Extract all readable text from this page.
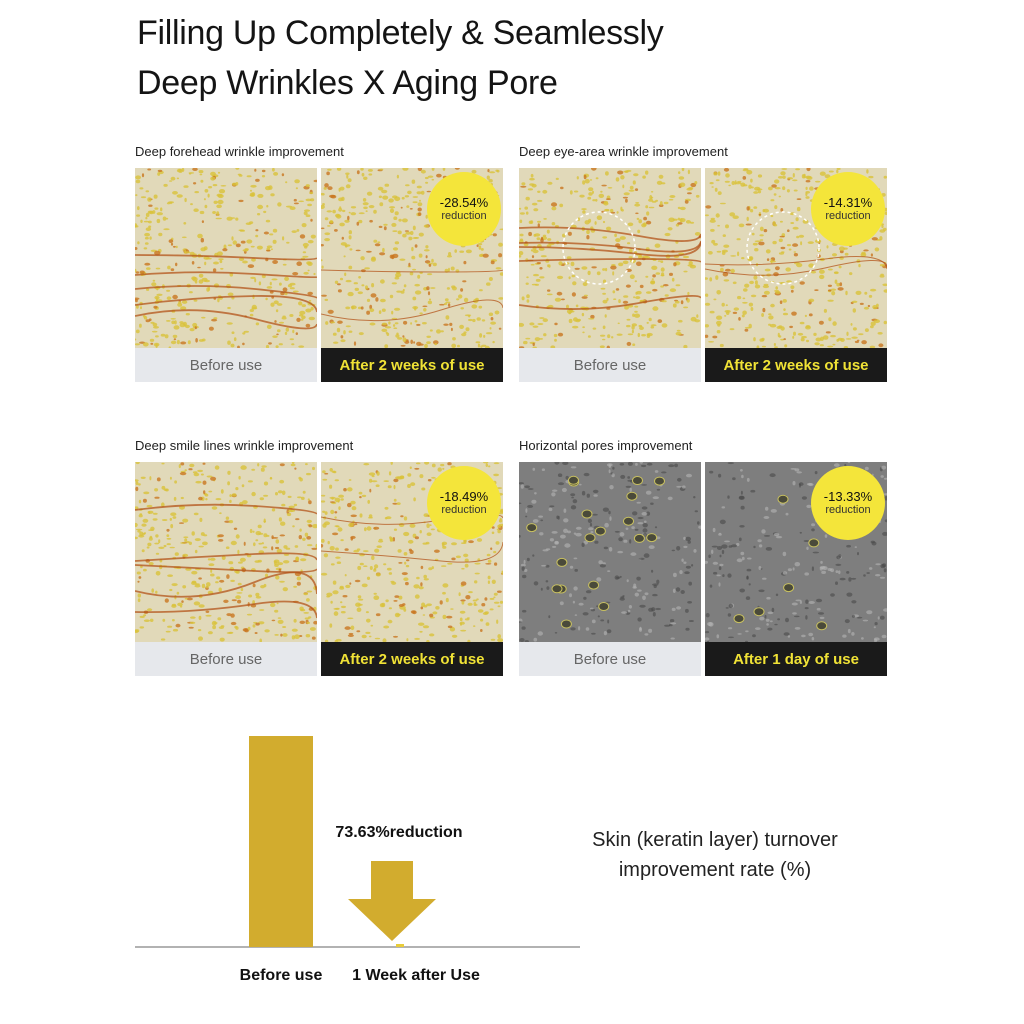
Filling Up Completely & Seamlessly
Deep Wrinkles X Aging Pore
Deep forehead wrinkle improvement
-28.54%
reduction
Before use	After 2 weeks of use
Deep eye-area wrinkle improvement
-14.31%
reduction
Before use	After 2 weeks of use
Deep smile lines wrinkle improvement
-18.49%
reduction
Before use	After 2 weeks of use
Horizontal pores improvement
-13.33%
reduction
Before use	After 1 day of use
Before use 1 Week after Use
73.63%reduction	Skin (keratin layer) turnover
improvement rate (%)
